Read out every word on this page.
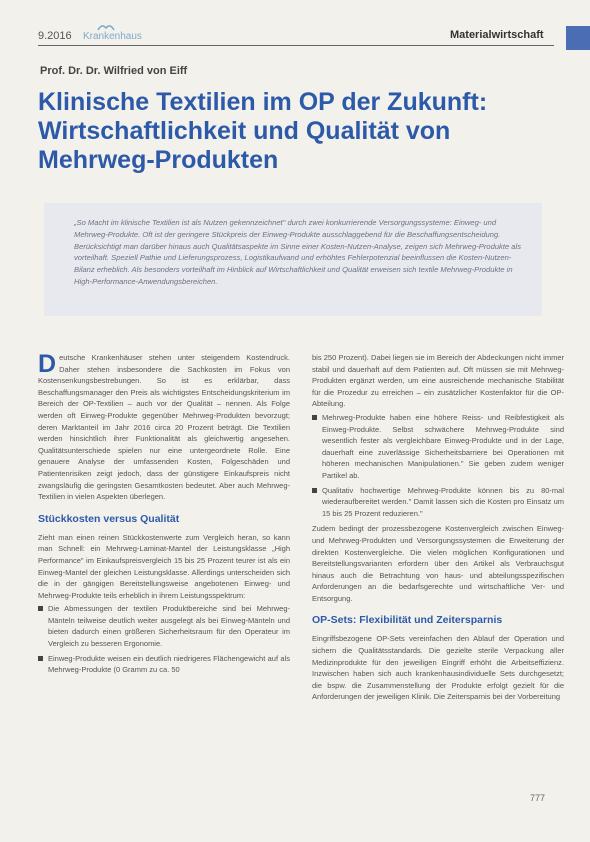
9.2016 Krankenhaus	Materialwirtschaft
Prof. Dr. Dr. Wilfried von Eiff
Klinische Textilien im OP der Zukunft: Wirtschaftlichkeit und Qualität von Mehrweg-Produkten

„So Macht im klinische Textilien ist als Nutzen gekennzeichnet" durch zwei konkurrierende Versorgungssysteme: Einweg- und Mehrweg-Produkte. Oft ist der geringere Stückpreis der Einweg-Produkte ausschlaggebend für die Beschaffungsentscheidung. Berücksichtigt man darüber hinaus auch Qualitätsaspekte im Sinne einer Kosten-Nutzen-Analyse, zeigen sich Mehrweg-Produkte als vorteilhaft. Speziell Pathie und Lieferungsprozess, Logistikaufwand und erhöhtes Fehlerpotenzial beeinflussen die Kosten-Nutzen-Bilanz erheblich. Als besonders vorteilhaft im Hinblick auf Wirtschaftlichkeit und Qualität erweisen sich textile Mehrweg-Produkte in High-Performance-Anwendungsbereichen.

Deutsche Krankenhäuser stehen unter steigendem Kostendruck. Daher stehen insbesondere die Sachkosten im Fokus von Kostensenkungsbestrebungen. So ist es erklärbar, dass Beschaffungsmanager den Preis als wichtigstes Entscheidungskriterium im Bereich der OP-Textilien – auch vor der Qualität – nennen. Als Folge werden oft Einweg-Produkte gegenüber Mehrweg-Produkten bevorzugt; deren Marktanteil im Jahr 2016 circa 20 Prozent beträgt. Die Textilien werden hinsichtlich ihrer Funktionalität als gleichwertig angesehen. Qualitätsunterschiede spielen nur eine untergeordnete Rolle. Eine genauere Analyse der umfassenden Kosten, Folgeschäden und Patientenrisiken zeigt jedoch, dass der günstigere Einkaufspreis nicht zwangsläufig die geringsten Gesamtkosten bedeutet. Aber auch Mehrweg-Textilien in vielen Aspekten überlegen.

Stückkosten versus Qualität

Zieht man einen reinen Stückkostenwerte zum Vergleich heran, so kann man Schnell: ein Mehrweg-Laminat-Mantel der Leistungsklasse „High Performance" im Einkaufspreisvergleich 15 bis 25 Prozent teurer ist als ein Einweg-Mantel der gleichen Leistungsklasse. Allerdings unterscheiden sich die in der gängigen Bereitstellungsweise angebotenen Einweg- und Mehrweg-Produkte teils erheblich in ihrem Leistungsspektrum:

Die Abmessungen der textilen Produktbereiche sind bei Mehrweg-Mänteln teilweise deutlich weiter ausgelegt als bei Einweg-Mänteln und bieten dadurch einen größeren Sicherheitsraum für den Operateur im Vergleich zu besseren Ergonomie.
Einweg-Produkte weisen ein deutlich niedrigeres Flächengewicht auf als Mehrweg-Produkte (0 Gramm zu ca. 50

bis 250 Prozent). Dabei liegen sie im Bereich der Abdeckungen nicht immer stabil und dauerhaft auf dem Patienten auf. Oft müssen sie mit Mehrweg-Produkten ergänzt werden, um eine ausreichende mechanische Stabilität für die Prozedur zu erreichen – ein zusätzlicher Kostenfaktor für die OP-Abteilung.

Mehrweg-Produkte haben eine höhere Reiss- und Reibfestigkeit als Einweg-Produkte. Selbst schwächere Mehrweg-Produkte sind wesentlich fester als vergleichbare Einweg-Produkte und in der Lage, dauerhaft eine zuverlässige Sicherheitsbarriere bei Operationen mit höheren mechanischen Manipulationen." Sie geben zudem weniger Partikel ab.
Qualitativ hochwertige Mehrweg-Produkte können bis zu 80-mal wiederaufbereitet werden." Damit lassen sich die Kosten pro Einsatz um 15 bis 25 Prozent reduzieren."

Zudem bedingt der prozessbezogene Kostenvergleich zwischen Einweg- und Mehrweg-Produkten und Versorgungssystemen die Erweiterung der direkten Kostenvergleiche. Die vielen möglichen Konfigurationen und Bereitstellungsvarianten erfordern über den Artikel als Verbrauchsgut hinaus auch die Betrachtung von haus- und abteilungsspezifischen Anforderungen an die bedarfsgerechte und wirtschaftliche Ver- und Entsorgung.

OP-Sets: Flexibilität und Zeitersparnis

Eingriffsbezogene OP-Sets vereinfachen den Ablauf der Operation und sichern die Qualitätsstandards. Die gezielte sterile Verpackung aller Medizinprodukte für den jeweiligen Eingriff erhöht die Arbeitseffizienz. Inzwischen haben sich auch krankenhausindividuelle Sets durchgesetzt; die bspw. die Zusammenstellung der Produkte erfolgt gezielt für die Anforderungen der jeweiligen Klinik. Die Zeitersparnis bei der Vorbereitung

777
